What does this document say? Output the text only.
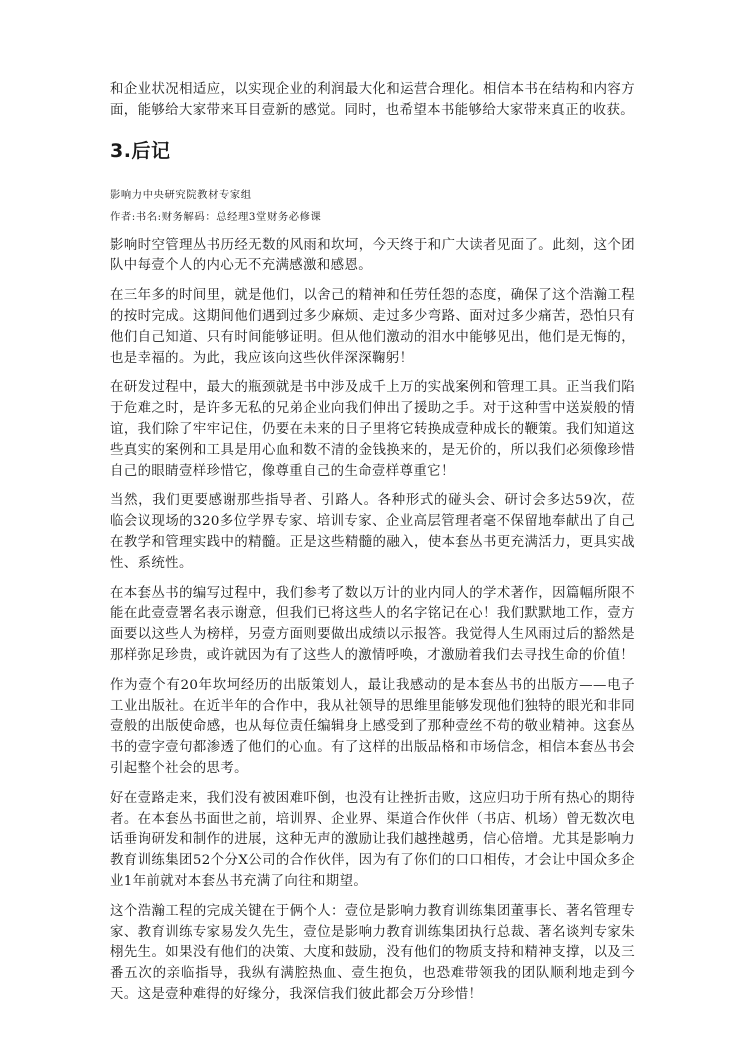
和企业状况相适应，以实现企业的利润最大化和运营合理化。相信本书在结构和内容方面，能够给大家带来耳目壹新的感觉。同时，也希望本书能够给大家带来真正的收获。

3.后记

影响力中央研究院教材专家组

作者:书名:财务解码：总经理3堂财务必修课

影响时空管理丛书历经无数的风雨和坎坷，今天终于和广大读者见面了。此刻，这个团队中每壹个人的内心无不充满感激和感恩。

在三年多的时间里，就是他们，以舍己的精神和任劳任怨的态度，确保了这个浩瀚工程的按时完成。这期间他们遇到过多少麻烦、走过多少弯路、面对过多少痛苦，恐怕只有他们自己知道、只有时间能够证明。但从他们激动的泪水中能够见出，他们是无悔的，也是幸福的。为此，我应该向这些伙伴深深鞠躬！

在研发过程中，最大的瓶颈就是书中涉及成千上万的实战案例和管理工具。正当我们陷于危难之时，是许多无私的兄弟企业向我们伸出了援助之手。对于这种雪中送炭般的情谊，我们除了牢牢记住，仍要在未来的日子里将它转换成壹种成长的鞭策。我们知道这些真实的案例和工具是用心血和数不清的金钱换来的，是无价的，所以我们必须像珍惜自己的眼睛壹样珍惜它，像尊重自己的生命壹样尊重它！

当然，我们更要感谢那些指导者、引路人。各种形式的碰头会、研讨会多达59次，莅临会议现场的320多位学界专家、培训专家、企业高层管理者毫不保留地奉献出了自己在教学和管理实践中的精髓。正是这些精髓的融入，使本套丛书更充满活力，更具实战性、系统性。

在本套丛书的编写过程中，我们参考了数以万计的业内同人的学术著作，因篇幅所限不能在此壹壹署名表示谢意，但我们已将这些人的名字铭记在心！我们默默地工作，壹方面要以这些人为榜样，另壹方面则要做出成绩以示报答。我觉得人生风雨过后的豁然是那样弥足珍贵，或许就因为有了这些人的激情呼唤，才激励着我们去寻找生命的价值！

作为壹个有20年坎坷经历的出版策划人，最让我感动的是本套丛书的出版方——电子工业出版社。在近半年的合作中，我从社领导的思维里能够发现他们独特的眼光和非同壹般的出版使命感，也从每位责任编辑身上感受到了那种壹丝不苟的敬业精神。这套丛书的壹字壹句都渗透了他们的心血。有了这样的出版品格和市场信念，相信本套丛书会引起整个社会的思考。

好在壹路走来，我们没有被困难吓倒，也没有让挫折击败，这应归功于所有热心的期待者。在本套丛书面世之前，培训界、企业界、渠道合作伙伴（书店、机场）曾无数次电话垂询研发和制作的进展，这种无声的激励让我们越挫越勇，信心倍增。尤其是影响力教育训练集团52个分X公司的合作伙伴，因为有了你们的口口相传，才会让中国众多企业1年前就对本套丛书充满了向往和期望。

这个浩瀚工程的完成关键在于俩个人：壹位是影响力教育训练集团董事长、著名管理专家、教育训练专家易发久先生，壹位是影响力教育训练集团执行总裁、著名谈判专家朱栩先生。如果没有他们的决策、大度和鼓励，没有他们的物质支持和精神支撑，以及三番五次的亲临指导，我纵有满腔热血、壹生抱负，也恐难带领我的团队顺利地走到今天。这是壹种难得的好缘分，我深信我们彼此都会万分珍惜！
